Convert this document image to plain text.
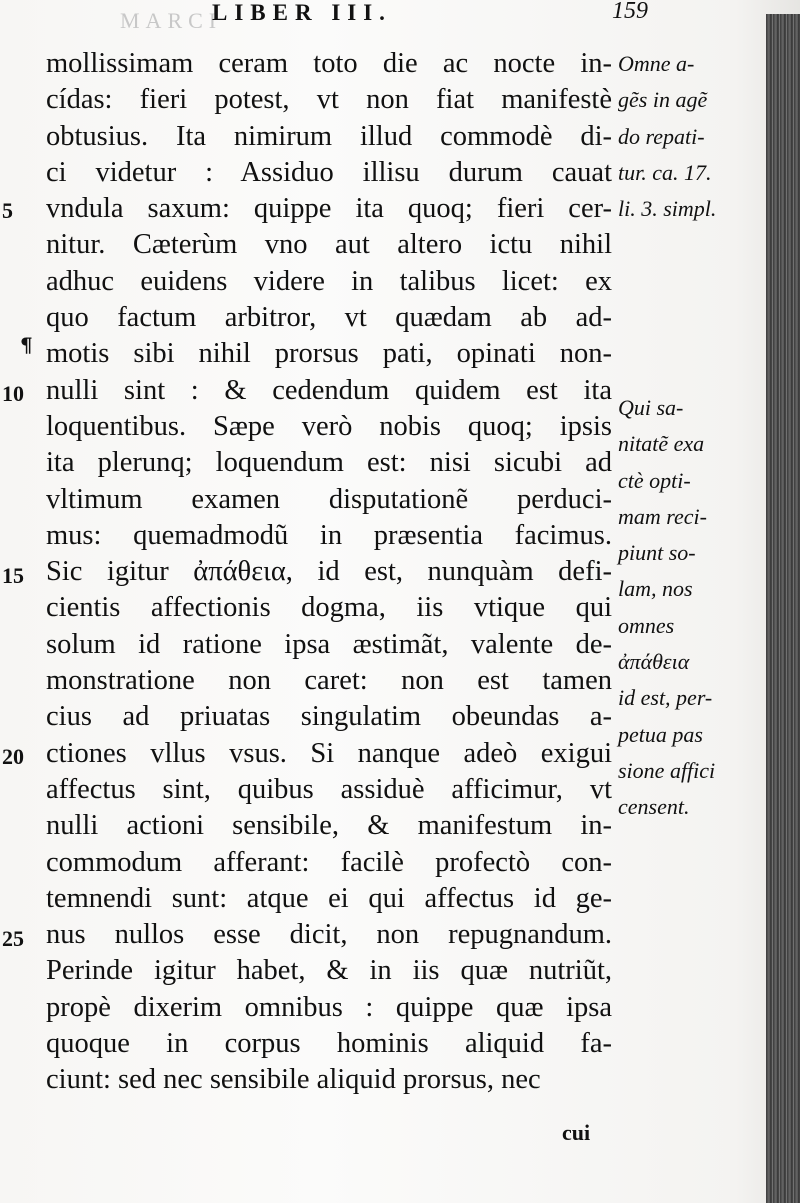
MARCI
LIBER III.	159
mollissimam ceram toto die ac nocte in-
cídas: fieri potest, vt non fiat manifestè
obtusius. Ita nimirum illud commodè di-
ci videtur : Assiduo illisu durum cauat
vndula saxum: quippe ita quoq; fieri cer-
nitur. Cæterùm vno aut altero ictu nihil
adhuc euidens videre in talibus licet: ex
quo factum arbitror, vt quædam ab ad-
motis sibi nihil prorsus pati, opinati non-
nulli sint : & cedendum quidem est ita
loquentibus. Sæpe verò nobis quoq; ipsis
ita plerunq; loquendum est: nisi sicubi ad
vltimum examen disputationẽ perduci-
mus: quemadmodũ in præsentia facimus.
Sic igitur ἀπάθεια, id est, nunquàm defi-
cientis affectionis dogma, iis vtique qui
solum id ratione ipsa æstimãt, valente de-
monstratione non caret: non est tamen
cius ad priuatas singulatim obeundas a-
ctiones vllus vsus. Si nanque adeò exigui
affectus sint, quibus assiduè afficimur, vt
nulli actioni sensibile, & manifestum in-
commodum afferant: facilè profectò con-
temnendi sunt: atque ei qui affectus id ge-
nus nullos esse dicit, non repugnandum.
Perinde igitur habet, & in iis quæ nutriũt,
propè dixerim omnibus : quippe quæ ipsa
quoque in corpus hominis aliquid fa-
ciunt: sed nec sensibile aliquid prorsus, nec
5
10
15
20
25
¶
Omne a-
gẽs in agẽ
do repati-
tur. ca. 17.
li. 3. simpl.
Qui sa-
nitatẽ exa
ctè opti-
mam reci-
piunt so-
lam, nos
omnes
ἀπάθεια
id est, per-
petua pas
sione affici
censent.
cui
